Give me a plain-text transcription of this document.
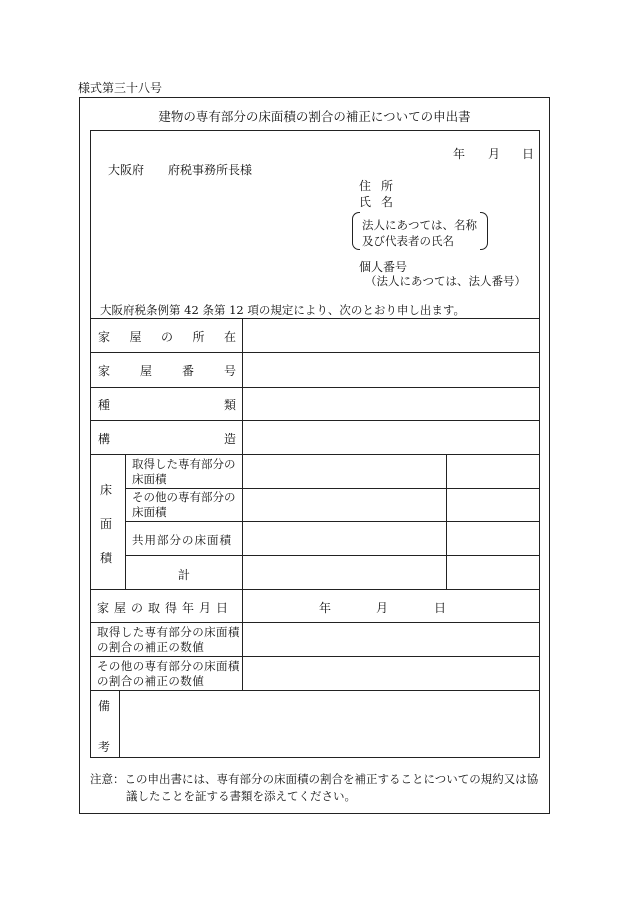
様式第三十八号
建物の専有部分の床面積の割合の補正についての申出書
年 月 日
大阪府　　府税事務所長様
住 所
氏 名
法人にあつては、名称
及び代表者の氏名
個人番号
（法人にあつては、法人番号）
大阪府税条例第 42 条第 12 項の規定により、次のとおり申し出ます。
家 屋 の 所 在
家 屋 番 号
種	類
構	造
床
面
積
取得した専有部分の床面積
その他の専有部分の床面積
共用部分の床面積
計
家屋の取得年月日	年	月	日
取得した専有部分の床面積の割合の補正の数値
その他の専有部分の床面積の割合の補正の数値
備
考
注意：この申出書には、専有部分の床面積の割合を補正することについての規約又は協
議したことを証する書類を添えてください。
